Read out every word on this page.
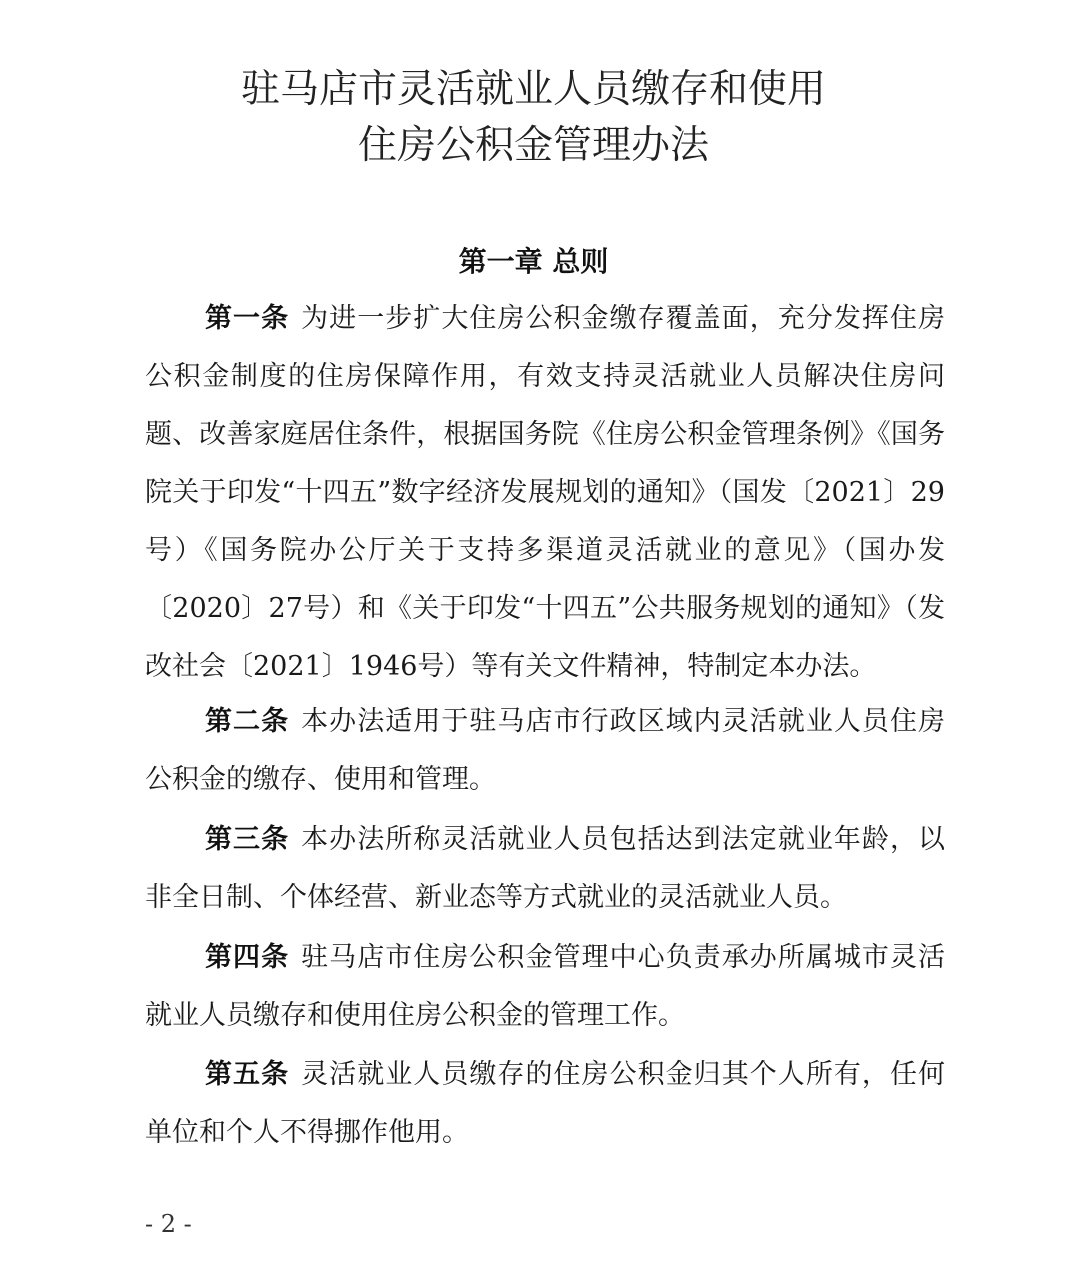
驻马店市灵活就业人员缴存和使用
住房公积金管理办法
第一章 总则

第一条 为进一步扩大住房公积金缴存覆盖面，充分发挥住房公积金制度的住房保障作用，有效支持灵活就业人员解决住房问题、改善家庭居住条件，根据国务院《住房公积金管理条例》《国务院关于印发“十四五”数字经济发展规划的通知》（国发〔2021〕29号）《国务院办公厅关于支持多渠道灵活就业的意见》（国办发〔2020〕27号）和《关于印发“十四五”公共服务规划的通知》（发改社会〔2021〕1946号）等有关文件精神，特制定本办法。

第二条 本办法适用于驻马店市行政区域内灵活就业人员住房公积金的缴存、使用和管理。

第三条 本办法所称灵活就业人员包括达到法定就业年龄，以非全日制、个体经营、新业态等方式就业的灵活就业人员。

第四条 驻马店市住房公积金管理中心负责承办所属城市灵活就业人员缴存和使用住房公积金的管理工作。

第五条 灵活就业人员缴存的住房公积金归其个人所有，任何单位和个人不得挪作他用。

- 2 -
